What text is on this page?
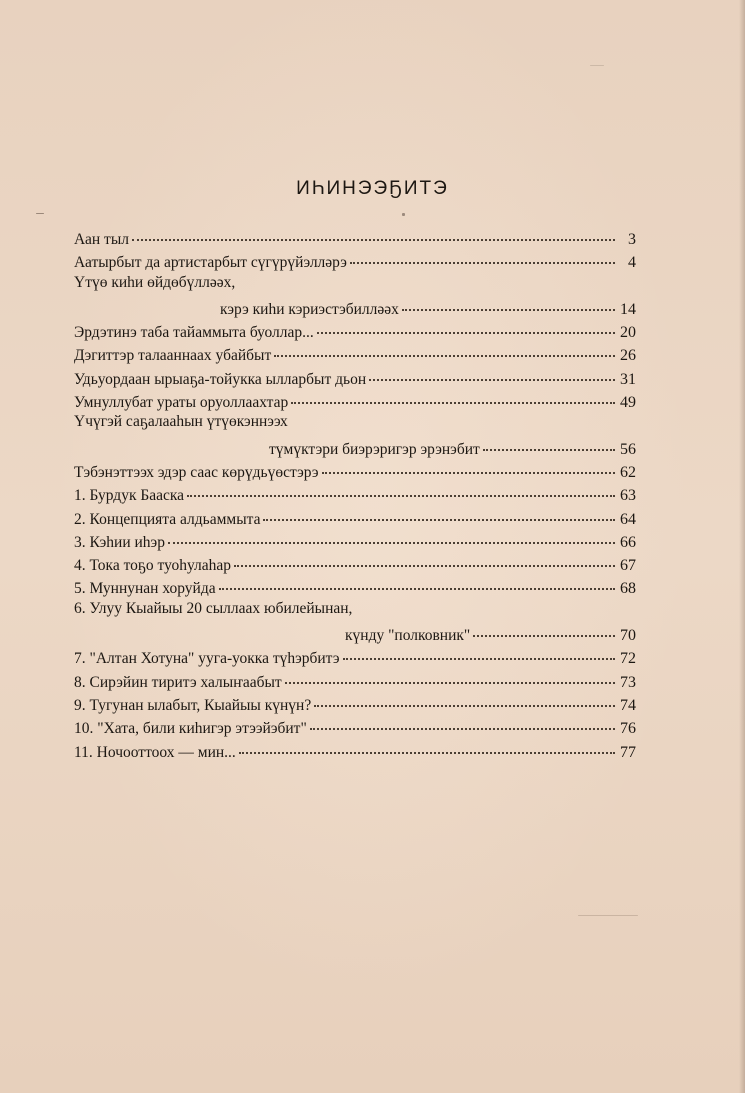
ИҺИНЭЭҔИТЭ
Аан тыл	3
Аатырбыт да артистарбыт сүгүрүйэлләрэ	4
Үтүө киһи өйдөбүлләәх,
кэрэ киһи кэриэстэбилләәх	14
Эрдэтинэ таба тайаммыта буоллар...	20
Дэгиттэр талааннаах убайбыт	26
Удьуордаан ырыаҕа-тойукка ылларбыт дьон	31
Умнуллубат ураты оруоллаахтар	49
Үчүгэй саҕалааһын үтүөкэннээх
түмүктэри биэрэригэр эрэнэбит	56
Тэбэнэттээх эдэр саас көрүдьүөстэрэ	62
1. Бурдук Бааска	63
2. Концепцията алдьаммыта	64
3. Кэһии иһэр	66
4. Тока тоҕо туоһулаһар	67
5. Муннунан хоруйда	68
6. Улуу Кыайыы 20 сыллаах юбилейынан,
күнду "полковник"	70
7. "Алтан Хотуна" ууга-уокка түһэрбитэ	72
8. Сирэйин тиритэ халыҥаабыт	73
9. Тугунан ылабыт, Кыайыы күнүн?	74
10. "Хата, били киһигэр этээйэбит"	76
11. Ночооттоох — мин...	77
